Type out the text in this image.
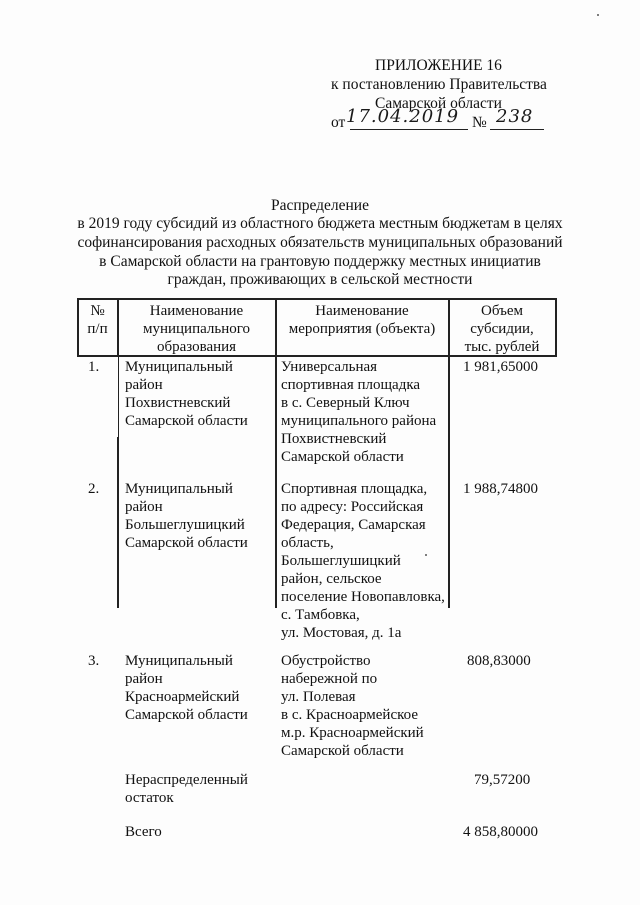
ПРИЛОЖЕНИЕ 16
к постановлению Правительства
Самарской области
от 17.04.2019 № 238
Распределение
в 2019 году субсидий из областного бюджета местным бюджетам в целях
софинансирования расходных обязательств муниципальных образований
в Самарской области на грантовую поддержку местных инициатив
граждан, проживающих в сельской местности
№
п/п
Наименование
муниципального
образования
Наименование
мероприятия (объекта)
Объем
субсидии,
тыс. рублей
1. Муниципальный
район
Похвистневский
Самарской области
Универсальная
спортивная площадка
в с. Северный Ключ
муниципального района
Похвистневский
Самарской области
1 981,65000
2. Муниципальный
район
Большеглушицкий
Самарской области
Спортивная площадка,
по адресу: Российская
Федерация, Самарская
область,
Большеглушицкий
район, сельское
поселение Новопавловка,
с. Тамбовка,
ул. Мостовая, д. 1а
1 988,74800
3. Муниципальный
район
Красноармейский
Самарской области
Обустройство
набережной по
ул. Полевая
в с. Красноармейское
м.р. Красноармейский
Самарской области
808,83000
Нераспределенный
остаток
79,57200
Всего	4 858,80000
